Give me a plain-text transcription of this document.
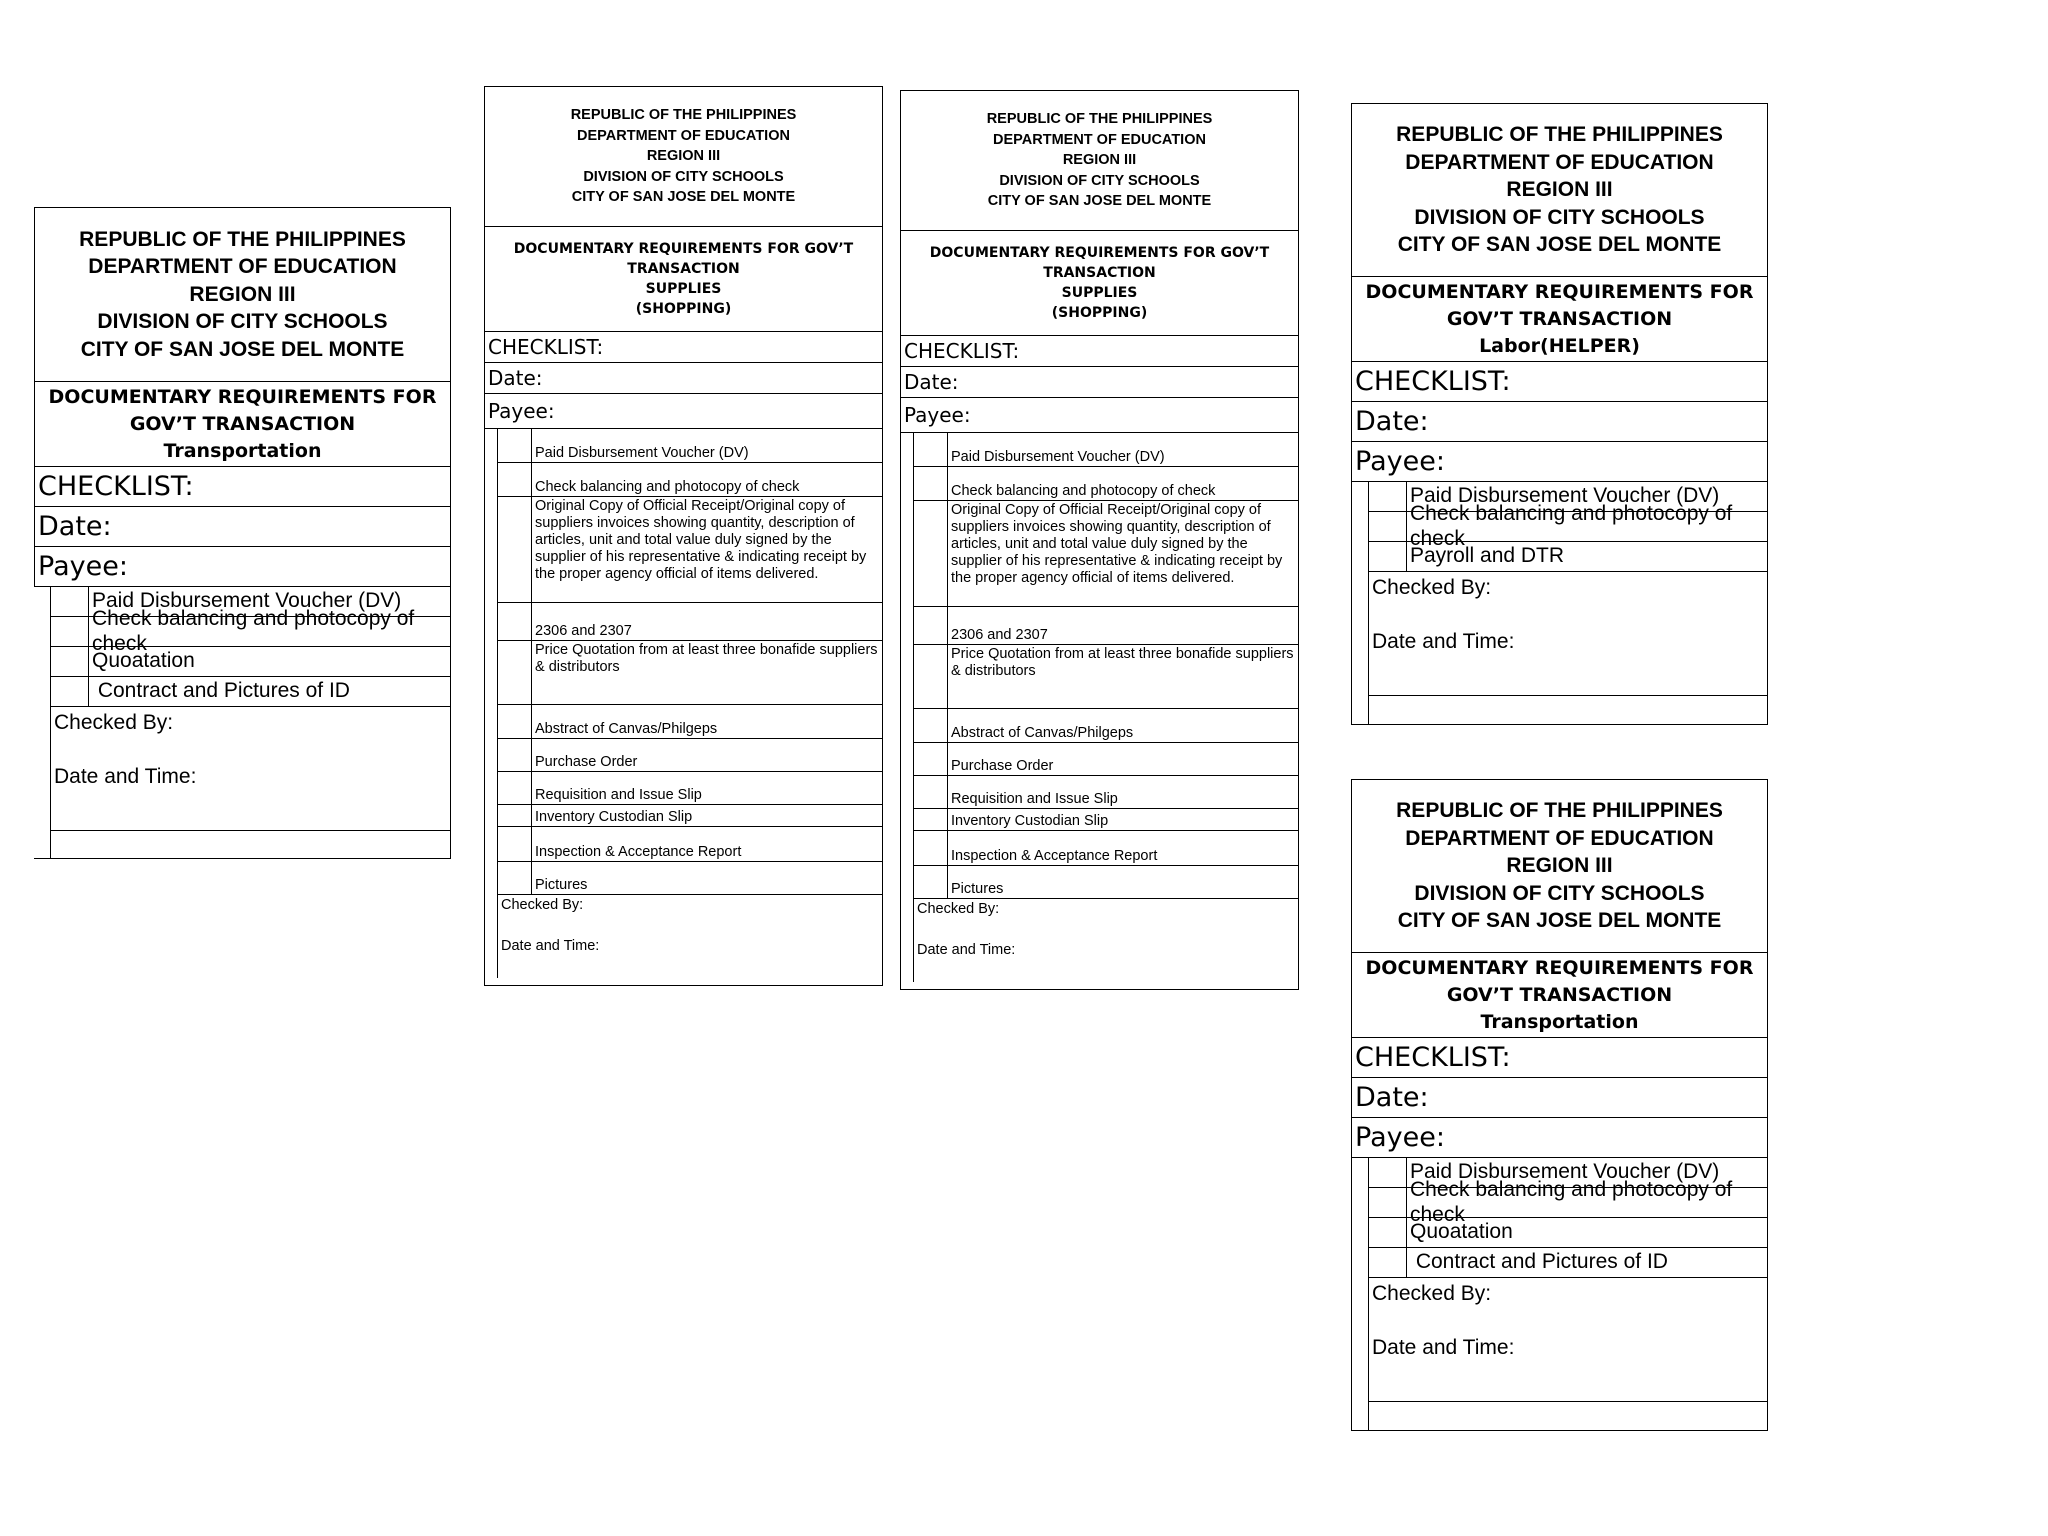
REPUBLIC OF THE PHILIPPINES
DEPARTMENT OF EDUCATION
REGION III
DIVISION OF CITY SCHOOLS
CITY OF SAN JOSE DEL MONTE
DOCUMENTARY REQUIREMENTS FOR
GOV’T TRANSACTION
Transportation
CHECKLIST:
Date:
Payee:
Paid Disbursement Voucher (DV)
Check balancing and photocopy of check
Quoatation
Contract and Pictures of ID
Checked By:
Date and Time:
REPUBLIC OF THE PHILIPPINES
DEPARTMENT OF EDUCATION
REGION III
DIVISION OF CITY SCHOOLS
CITY OF SAN JOSE DEL MONTE
DOCUMENTARY REQUIREMENTS FOR GOV’T
TRANSACTION
SUPPLIES
(SHOPPING)
CHECKLIST:
Date:
Payee:
Paid Disbursement Voucher (DV)
Check balancing and photocopy of check
Original Copy of Official Receipt/Original copy of suppliers invoices showing quantity, description of articles, unit and total value duly signed by the supplier of his representative & indicating receipt by the proper agency official of items delivered.
2306 and 2307
Price Quotation from at least three bonafide suppliers & distributors
Abstract of Canvas/Philgeps
Purchase Order
Requisition and Issue Slip
Inventory Custodian Slip
Inspection & Acceptance Report
Pictures
Checked By:
Date and Time:
REPUBLIC OF THE PHILIPPINES
DEPARTMENT OF EDUCATION
REGION III
DIVISION OF CITY SCHOOLS
CITY OF SAN JOSE DEL MONTE
DOCUMENTARY REQUIREMENTS FOR GOV’T
TRANSACTION
SUPPLIES
(SHOPPING)
CHECKLIST:
Date:
Payee:
Paid Disbursement Voucher (DV)
Check balancing and photocopy of check
Original Copy of Official Receipt/Original copy of suppliers invoices showing quantity, description of articles, unit and total value duly signed by the supplier of his representative & indicating receipt by the proper agency official of items delivered.
2306 and 2307
Price Quotation from at least three bonafide suppliers & distributors
Abstract of Canvas/Philgeps
Purchase Order
Requisition and Issue Slip
Inventory Custodian Slip
Inspection & Acceptance Report
Pictures
Checked By:
Date and Time:
REPUBLIC OF THE PHILIPPINES
DEPARTMENT OF EDUCATION
REGION III
DIVISION OF CITY SCHOOLS
CITY OF SAN JOSE DEL MONTE
DOCUMENTARY REQUIREMENTS FOR
GOV’T TRANSACTION
Labor(HELPER)
CHECKLIST:
Date:
Payee:
Paid Disbursement Voucher (DV)
Check balancing and photocopy of check
Payroll and DTR
Checked By:
Date and Time:
REPUBLIC OF THE PHILIPPINES
DEPARTMENT OF EDUCATION
REGION III
DIVISION OF CITY SCHOOLS
CITY OF SAN JOSE DEL MONTE
DOCUMENTARY REQUIREMENTS FOR
GOV’T TRANSACTION
Transportation
CHECKLIST:
Date:
Payee:
Paid Disbursement Voucher (DV)
Check balancing and photocopy of check
Quoatation
Contract and Pictures of ID
Checked By:
Date and Time:
